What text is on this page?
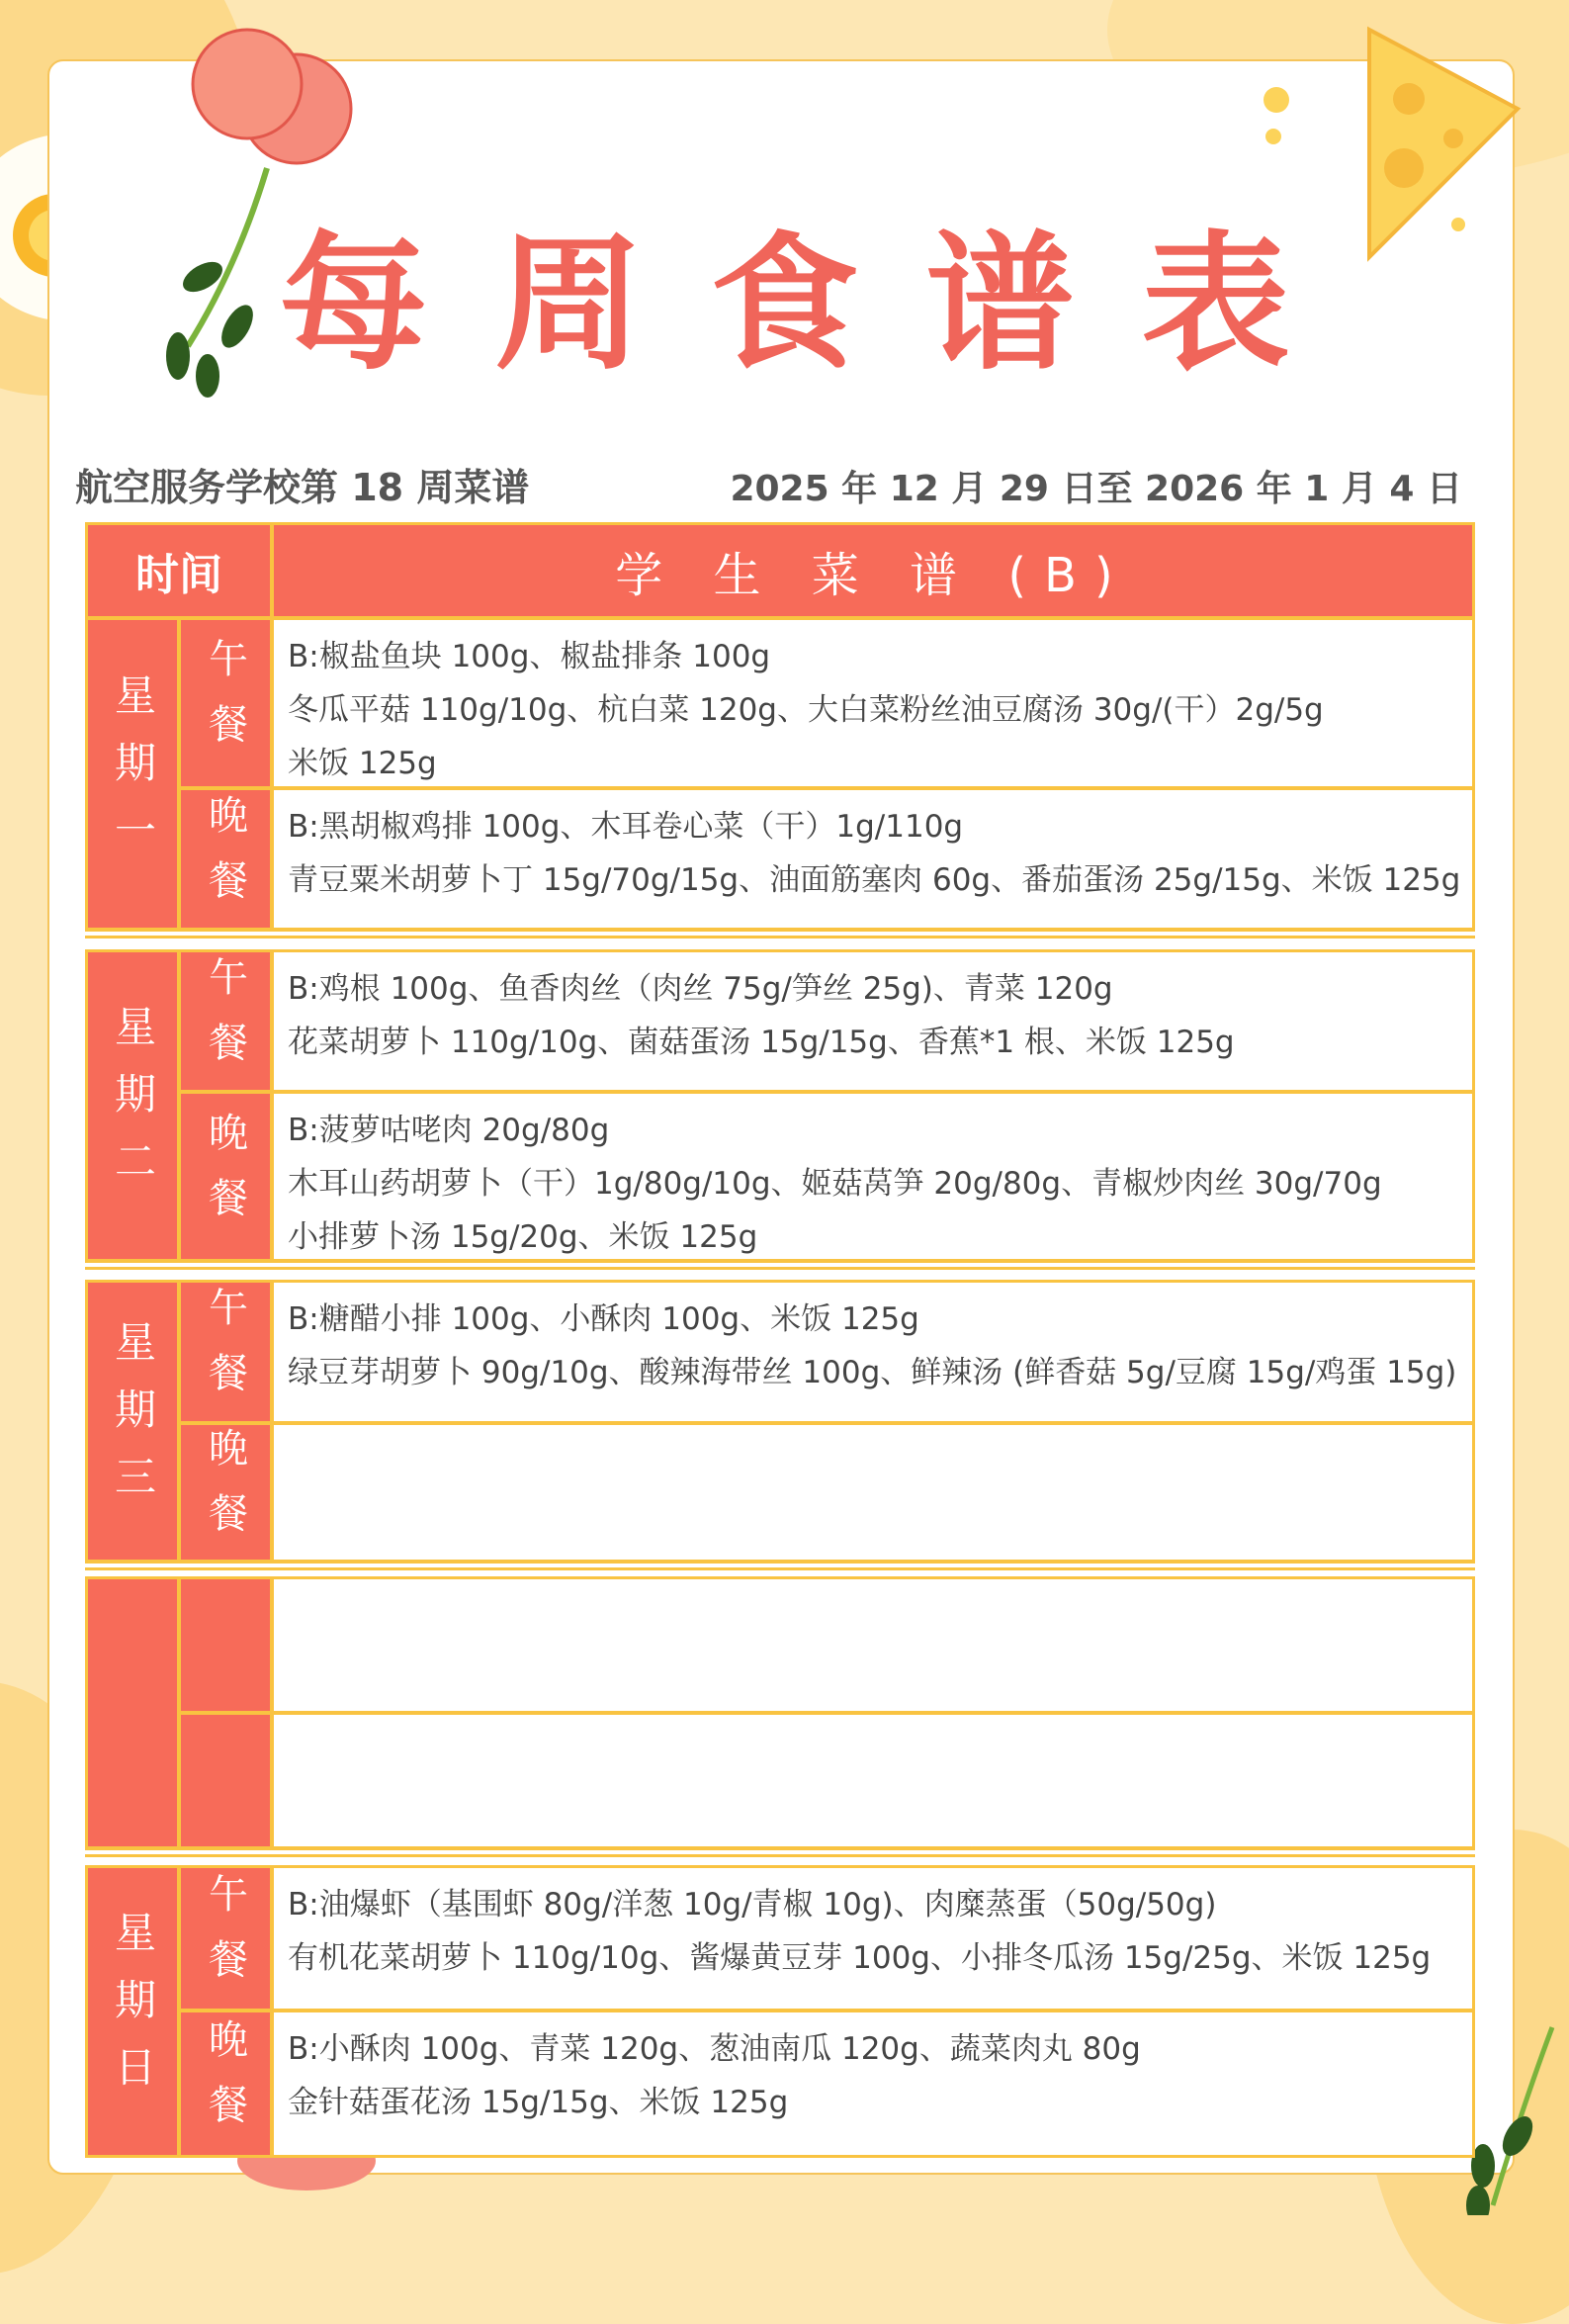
每周食谱表
航空服务学校第 18 周菜谱	2025 年 12 月 29 日至 2026 年 1 月 4 日
时间	学 生 菜 谱 (B)
星期一 午餐 B:椒盐鱼块 100g、椒盐排条 100g
冬瓜平菇 110g/10g、杭白菜 120g、大白菜粉丝油豆腐汤 30g/(干）2g/5g
米饭 125g
晚餐 B:黑胡椒鸡排 100g、木耳卷心菜（干）1g/110g
青豆粟米胡萝卜丁 15g/70g/15g、油面筋塞肉 60g、番茄蛋汤 25g/15g、米饭 125g
星期二 午餐 B:鸡根 100g、鱼香肉丝（肉丝 75g/笋丝 25g)、青菜 120g
花菜胡萝卜 110g/10g、菌菇蛋汤 15g/15g、香蕉*1 根、米饭 125g
晚餐 B:菠萝咕咾肉 20g/80g
木耳山药胡萝卜（干）1g/80g/10g、姬菇莴笋 20g/80g、青椒炒肉丝 30g/70g
小排萝卜汤 15g/20g、米饭 125g
星期三 午餐 B:糖醋小排 100g、小酥肉 100g、米饭 125g
绿豆芽胡萝卜 90g/10g、酸辣海带丝 100g、鲜辣汤 (鲜香菇 5g/豆腐 15g/鸡蛋 15g)
晚餐
星期日 午餐 B:油爆虾（基围虾 80g/洋葱 10g/青椒 10g)、肉糜蒸蛋（50g/50g)
有机花菜胡萝卜 110g/10g、酱爆黄豆芽 100g、小排冬瓜汤 15g/25g、米饭 125g
晚餐 B:小酥肉 100g、青菜 120g、葱油南瓜 120g、蔬菜肉丸 80g
金针菇蛋花汤 15g/15g、米饭 125g
